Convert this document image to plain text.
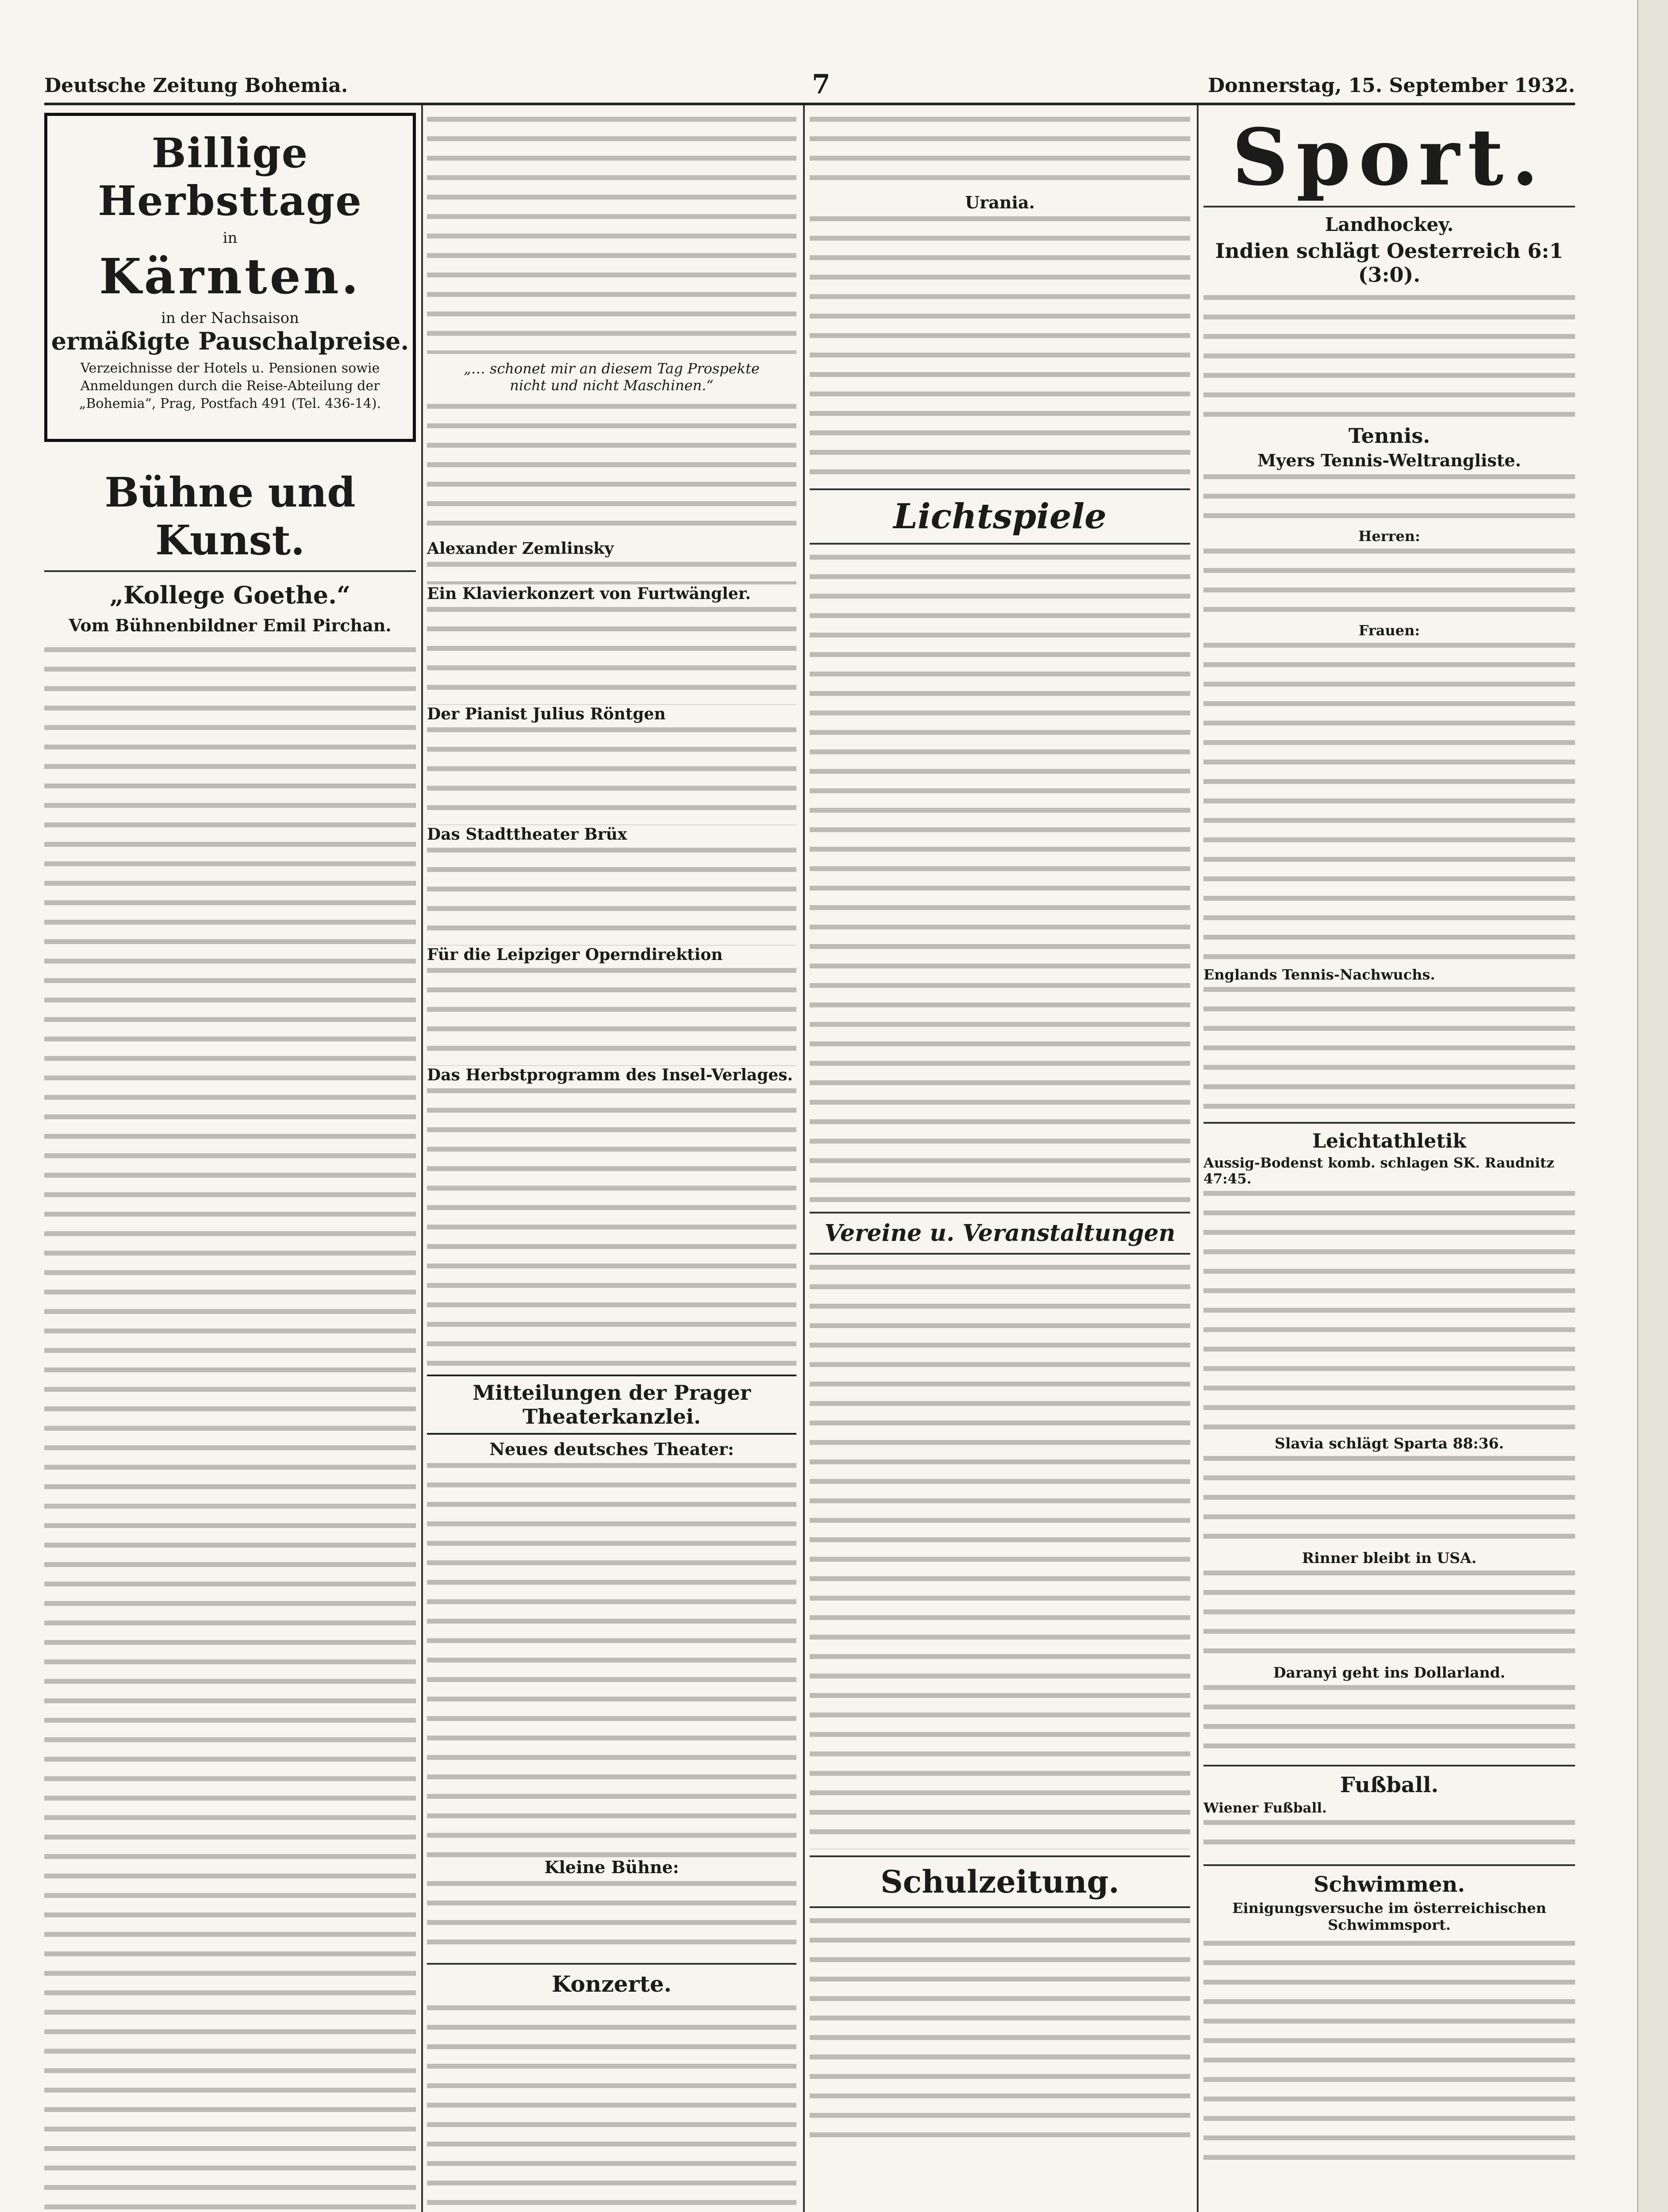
Deutsche Zeitung Bohemia.	7	Donnerstag, 15. September 1932.
Billige Herbsttage
in
Kärnten.
in der Nachsaison
ermäßigte Pauschalpreise.
Verzeichnisse der Hotels u. Pensionen sowie Anmeldungen durch die Reise-Abteilung der „Bohemia“, Prag, Postfach 491 (Tel. 436-14).
Bühne und Kunst.
„Kollege Goethe.“
Vom Bühnenbildner Emil Pirchan.
„… schonet mir an diesem Tag Prospekte nicht und nicht Maschinen.“
Alexander Zemlinsky
Ein Klavierkonzert von Furtwängler.
Der Pianist Julius Röntgen
Das Stadttheater Brüx
Für die Leipziger Operndirektion
Das Herbstprogramm des Insel-Verlages.
Mitteilungen der Prager Theaterkanzlei.
Neues deutsches Theater:
Kleine Bühne:
Konzerte.
Urania.
Lichtspiele
Vereine u. Veranstaltungen
Schulzeitung.
Sport.
Landhockey.
Indien schlägt Oesterreich 6:1 (3:0).
Tennis.
Myers Tennis-Weltrangliste.
Herren:
Frauen:
Englands Tennis-Nachwuchs.
Leichtathletik
Aussig-Bodenst komb. schlagen SK. Raudnitz 47:45.
Slavia schlägt Sparta 88:36.
Rinner bleibt in USA.
Daranyi geht ins Dollarland.
Fußball.
Wiener Fußball.
Schwimmen.
Einigungsversuche im österreichischen Schwimmsport.
